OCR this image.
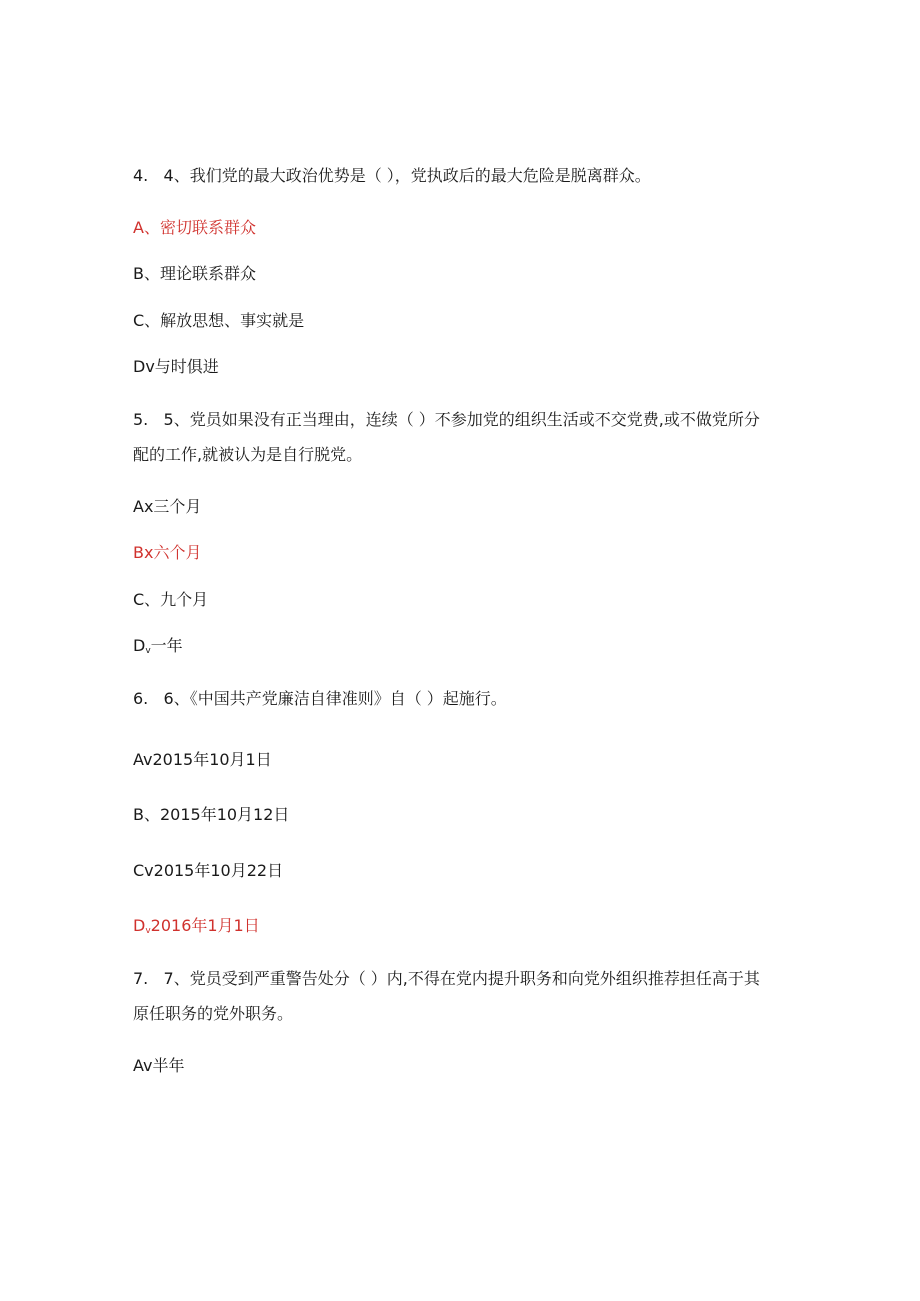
4. 4、我们党的最大政治优势是（ ），党执政后的最大危险是脱离群众。

A、密切联系群众

B、理论联系群众

C、解放思想、事实就是

Dv与时俱进

5. 5、党员如果没有正当理由，连续（ ）不参加党的组织生活或不交党费,或不做党所分

配的工作,就被认为是自行脱党。

Ax三个月

Bx六个月

C、九个月

$D_v$一年

6. 6、《中国共产党廉洁自律准则》自（ ）起施行。

Av2015年10月1日

B、2015年10月12日

Cv2015年10月22日

$D_v2016$年1月1日

7. 7、党员受到严重警告处分（ ）内,不得在党内提升职务和向党外组织推荐担任高于其

原任职务的党外职务。

Av半年
